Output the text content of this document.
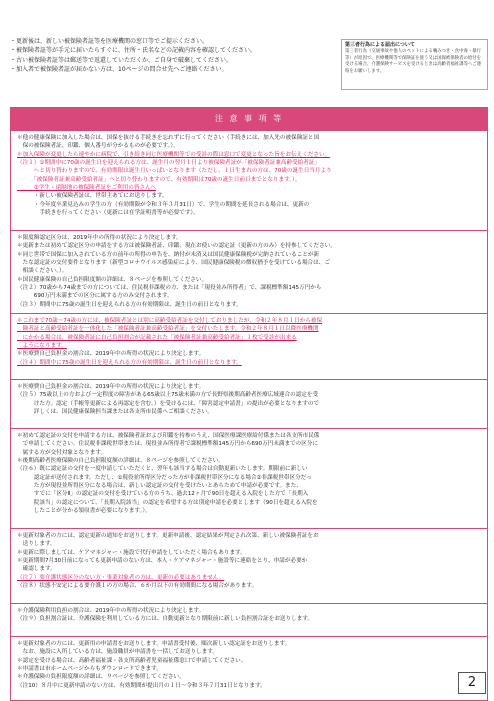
・更新後は、新しい被保険者証等を医療機関の窓口等でご提示ください。

・被保険者証等が手元に届いたらすぐに、住所・氏名などの記載内容を確認してください。

・古い被保険者証等は郵送等で返還していただくか、ご自身で破棄してください。

・加入者で被保険者証が届かない方は、10ページの問合せ先へご連絡ください。

第三者行為による届出について
第三者行為（交通事故や他人のペットによる噛みつき・食中毒・暴行等）が原因で、医療機関等で保険証を使う又は国保被保険者の給付を受ける場合、介護保険サービスを受けるときは高齢者福祉課等へご連絡をお願いします。
注 意 事 項 等

＊他の健康保険に加入した場合は、国保を抜ける手続きを忘れずに行ってください（手続きには、加入先の被保険証と国

　保の被保険者証、印鑑、個人番号が分かるものが必要です。）。

＊加入保険が変更したら速やかに病院で、引き続き同じ医療機関等での受診の際は窓口で変更となった旨をお伝えください。

（注１）①期間中に70歳の誕生日を迎えられる方は、誕生月の翌月１日より被保険者証が「被保険者証兼高齢受給者証」

　　　へと切り替わりますので、有効期限は誕生月いっぱいとなります（ただし、１日生まれの方は、70歳の誕生日当月より

　　　「被保険者証兼高齢受給者証」へと切り替わりますので、有効期限は70歳の誕生日前日までとなります。）。

　　　②学生・遠隔地の被保険者証をご利用の皆さんへ

　　　・新しい被保険者証は、世帯主あてにお送りします。

　　　・今年度卒業見込みの学生の方（有効期限が令和３年３月31日）で、学生の期間を延長される場合は、更新の

　　　　手続きを行ってください（更新には在学証明書等が必要です）。

＊限度額認定区分は、2019年中の所得の状況により決定します。

＊更新または初めて認定区分の申請をする方は被保険者証、印鑑、現在お使いの認定証（更新の方のみ）を持参してください。

＊同じ世帯で国保に加入されている方の前年の所得の申告を、納付が未済又は国民健康保険税が完納されていることが新

　たな認定証の交付要件となります（新型コロナウイルス感染症により、国民健康保険税の徴収猶予を受けている場合は、ご

　相談ください。）。

＊国民健康保険の自己負担限度額の詳細は、８ページを参照してください。

（注２）70歳から74歳までの方については、住民税非課税の方、または「現役並み所得者」で、課税標準額145万円から

　　　690万円未満までの区分に属する方のみ交付されます。

（注３）期間中に75歳の誕生日を迎えられる方の有効期限は、誕生日の前日となります。

＊これまで70歳〜74歳の方には、被保険者証とは別に高齢受給者証を交付しておりましたが、令和２年８月１日から被保

　険者証と高齢受給者証を一体化した「被保険者証兼高齢受給者証」を交付いたします。令和２年８月１日以降医療機関

　にかかる場合は、被保険者証に自己負担割合が記載された「被保険者証兼高齢受給者証」１枚で受診が出来る

　ようになります。

＊医療費自己負担金の割合は、2019年中の所得の状況により決定します。

（注４）期間中に75歳の誕生日を迎えられる方の有効期限は、誕生日の前日となります。

＊医療費自己負担金の割合は、2019年中の所得の状況により決定します。

（注５）75歳以上の方および一定程度の障害がある65歳以上75歳未満の方で長野県後期高齢者医療広域連合の認定を受

　　　けた方。認定（手帳等更新による再認定を含む。）を受けるには、「障害認定申請書」の提出が必要となりますので

　　　詳しくは、国民健康保険担当課または各支所市民係へご相談ください。

＊初めて認定証の交付を申請する方は、被保険者証および印鑑を持参のうえ、国保医療課医療給付係または各支所市民係

　で申請してください。住民税非課税世帯または、現役並み所得者で課税標準額145万円から690万円未満までの区分に

　属する方が交付対象となります。

＊後期高齢者医療保険の自己負担限度額の詳細は、８ページを参照してください。

（注６）既に認定証の交付を一度申請していただくと、翌年も該当する場合は自動更新いたします。期限前に新しい

　　　認定証が送付されます。ただし、①現役並所得区分だった方が非課税世帯区分になる場合②非課税世帯区分だっ

　　　た方が現役並所得区分になる場合は、新しい認定証の交付を受けたいとあらためて申請が必要です。また、

　　　すでに「区分Ⅱ」の認定証の交付を受けている方のうち、過去12ヶ月で90日を超える入院をした方で「長期入

　　　院該当」の認定について、「長期入院該当」の認定を希望する方は別途申請を必要とします（90日を超える入院を

　　　したことが分かる領収書が必要になります。）。

＊更新対象者の方には、認定更新の通知をお送りします。更新申請後、認定結果が判定され次第、新しい被保険者証をお

　送りします。

＊更新に際しましては、ケアマネジャー・施設で代行申請をしていただく場合もあります。

＊更新期間7月30日前になっても更新申請のない方は、本人・ケアマネジャー・施設等に連絡をとり、申請が必要か

　確認します。

（注７）要介護状態区分のない方・事業対象者の方は、更新の必要はありません。

（注８）状態不安定による要介護１の方の場合、６か月以下の有効期間になる場合があります。

＊介護保険利用負担の割合は、2019年中の所得の状況により決定します。

（注９）負担割合証は、介護保険を利用している方には、自動更新となり期限前に新しい負担割合証をお送りします。

＊更新対象者の方には、更新用の申請書をお送りします。申請書受付後、順次新しい認定証をお送りします。

　なお、施設に入所している方は、施設職員が申請書を一括してお送りします。

＊認定を受ける場合は、高齢者福祉課・各支所高齢者児童福祉係窓口で申請してください。

＊申請書は市ホームページからもダウンロードできます。

＊介護保険の負担限度額の詳細は、９ページを参照してください。

（注10）８月中に更新申請のない方は、有効期間が提出月の１日〜令和３年７月31日となります。	2
